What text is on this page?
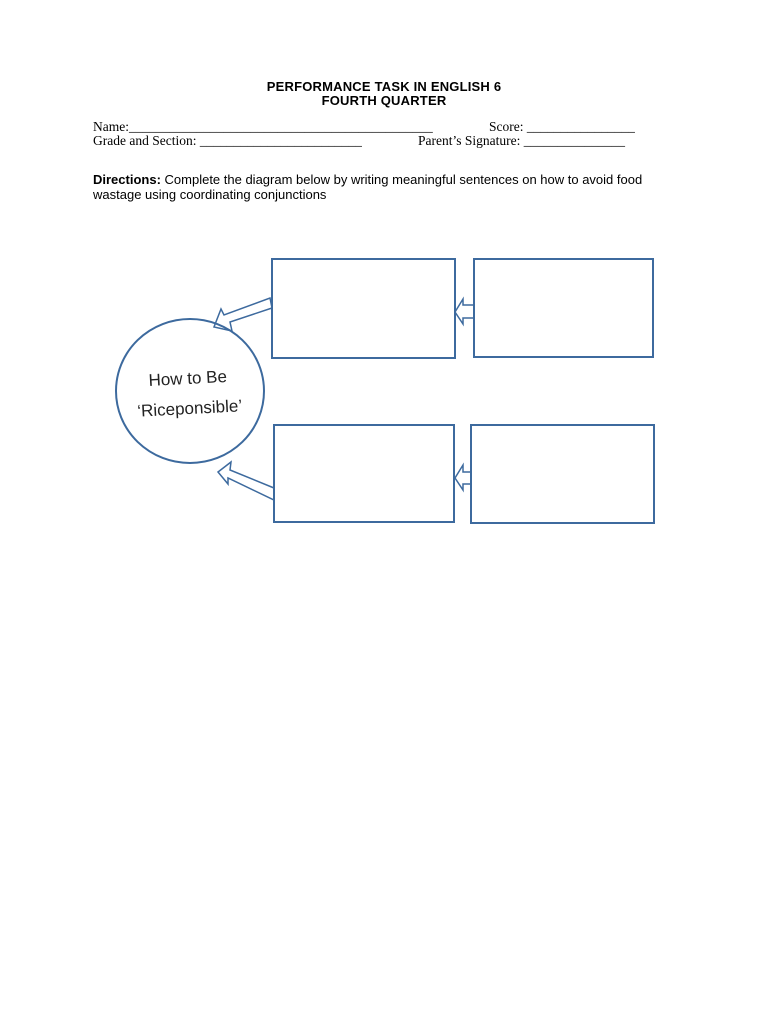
PERFORMANCE TASK IN ENGLISH 6
FOURTH QUARTER
Name:_____________________________________________	Score: ________________
Grade and Section: ________________________	Parent’s Signature: _______________
Directions: Complete the diagram below by writing meaningful sentences on how to avoid food wastage using coordinating conjunctions
How to Be
‘Riceponsible’
